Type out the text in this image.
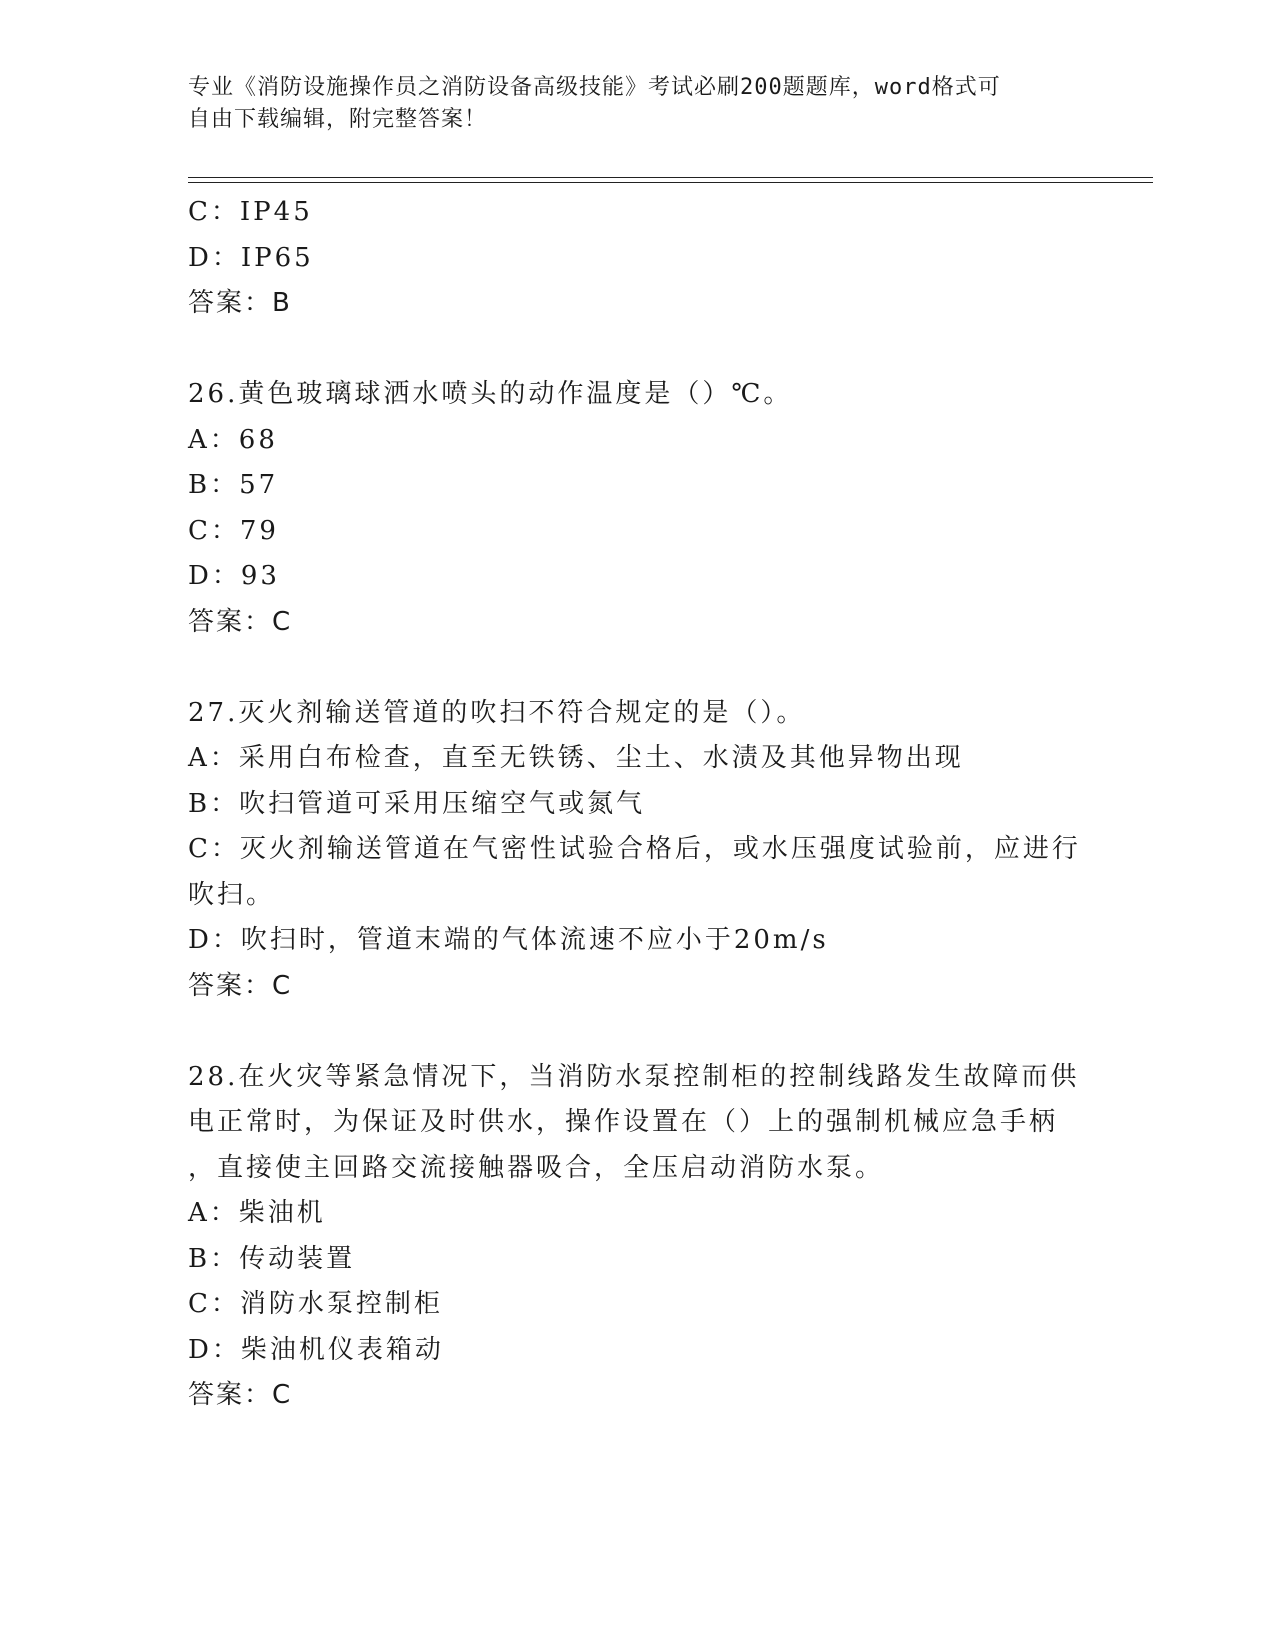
专业《消防设施操作员之消防设备高级技能》考试必刷200题题库，word格式可
自由下载编辑，附完整答案！
C：IP45
D：IP65
答案：B
26.黄色玻璃球洒水喷头的动作温度是（）℃。
A：68
B：57
C：79
D：93
答案：C
27.灭火剂输送管道的吹扫不符合规定的是（）。
A：采用白布检查，直至无铁锈、尘土、水渍及其他异物出现
B：吹扫管道可采用压缩空气或氮气
C：灭火剂输送管道在气密性试验合格后，或水压强度试验前，应进行
吹扫。
D：吹扫时，管道末端的气体流速不应小于20m/s
答案：C
28.在火灾等紧急情况下，当消防水泵控制柜的控制线路发生故障而供
电正常时，为保证及时供水，操作设置在（）上的强制机械应急手柄
，直接使主回路交流接触器吸合，全压启动消防水泵。
A：柴油机
B：传动装置
C：消防水泵控制柜
D：柴油机仪表箱动
答案：C
